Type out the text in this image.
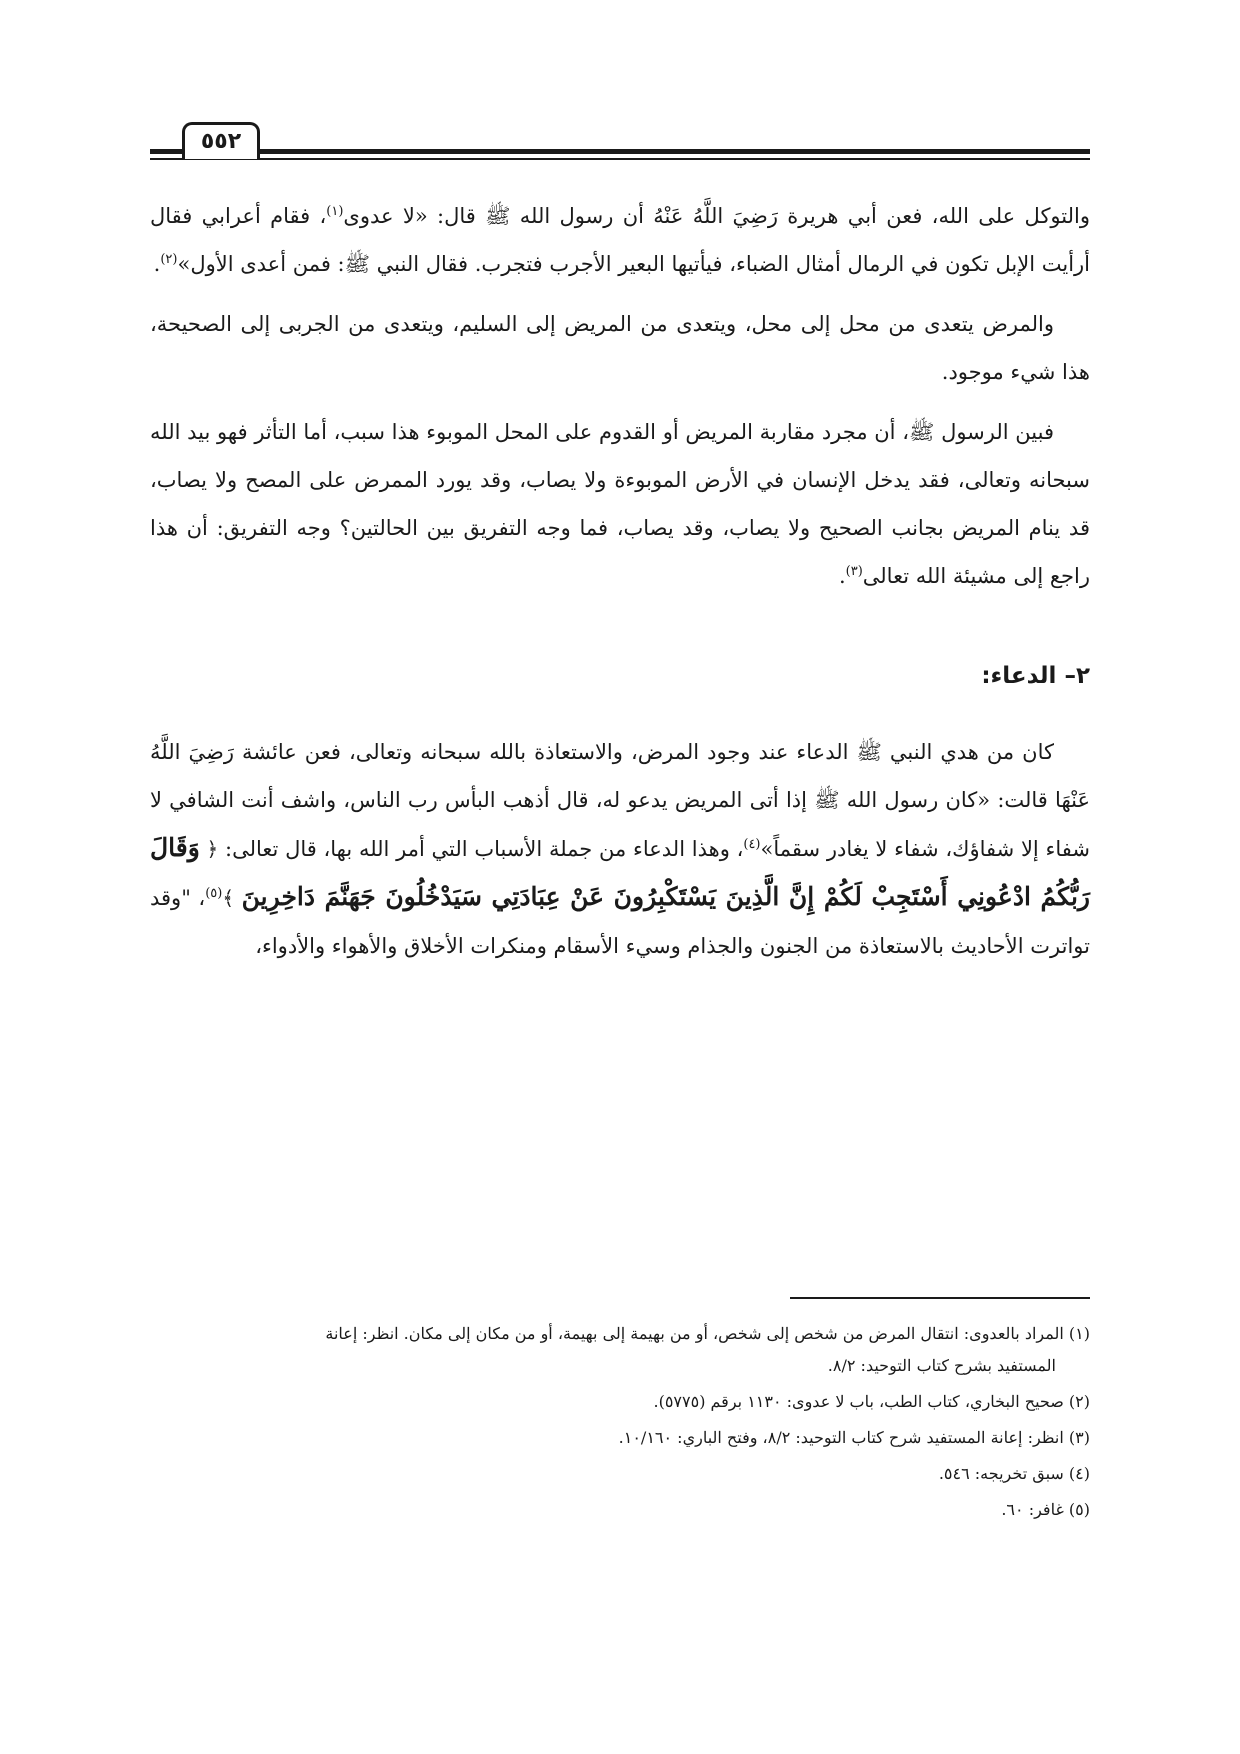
٥٥٢

والتوكل على الله، فعن أبي هريرة رَضِيَ اللَّهُ عَنْهُ أن رسول الله ﷺ قال: «لا عدوى$^{(١)}$، فقام أعرابي فقال أرأيت الإبل تكون في الرمال أمثال الضباء، فيأتيها البعير الأجرب فتجرب. فقال النبي ﷺ: فمن أعدى الأول»$^{(٢)}$.

والمرض يتعدى من محل إلى محل، ويتعدى من المريض إلى السليم، ويتعدى من الجربى إلى الصحيحة، هذا شيء موجود.

فبين الرسول ﷺ، أن مجرد مقاربة المريض أو القدوم على المحل الموبوء هذا سبب، أما التأثر فهو بيد الله سبحانه وتعالى، فقد يدخل الإنسان في الأرض الموبوءة ولا يصاب، وقد يورد الممرض على المصح ولا يصاب، قد ينام المريض بجانب الصحيح ولا يصاب، وقد يصاب، فما وجه التفريق بين الحالتين؟ وجه التفريق: أن هذا راجع إلى مشيئة الله تعالى$^{(٣)}$.

٢– الدعاء:

كان من هدي النبي ﷺ الدعاء عند وجود المرض، والاستعاذة بالله سبحانه وتعالى، فعن عائشة رَضِيَ اللَّهُ عَنْهَا قالت: «كان رسول الله ﷺ إذا أتى المريض يدعو له، قال أذهب البأس رب الناس، واشف أنت الشافي لا شفاء إلا شفاؤك، شفاء لا يغادر سقماً»$^{(٤)}$، وهذا الدعاء من جملة الأسباب التي أمر الله بها، قال تعالى: ﴿ وَقَالَ رَبُّكُمُ ادْعُونِي أَسْتَجِبْ لَكُمْ إِنَّ الَّذِينَ يَسْتَكْبِرُونَ عَنْ عِبَادَتِي سَيَدْخُلُونَ جَهَنَّمَ دَاخِرِينَ ﴾$^{(٥)}$، "وقد تواترت الأحاديث بالاستعاذة من الجنون والجذام وسيء الأسقام ومنكرات الأخلاق والأهواء والأدواء،

(١) المراد بالعدوى: انتقال المرض من شخص إلى شخص، أو من بهيمة إلى بهيمة، أو من مكان إلى مكان. انظر: إعانة
المستفيد بشرح كتاب التوحيد: ٨/٢.
(٢) صحيح البخاري، كتاب الطب، باب لا عدوى: ١١٣٠ برقم (٥٧٧٥).
(٣) انظر: إعانة المستفيد شرح كتاب التوحيد: ٨/٢، وفتح الباري: ١٠/١٦٠.
(٤) سبق تخريجه: ٥٤٦.
(٥) غافر: ٦٠.
